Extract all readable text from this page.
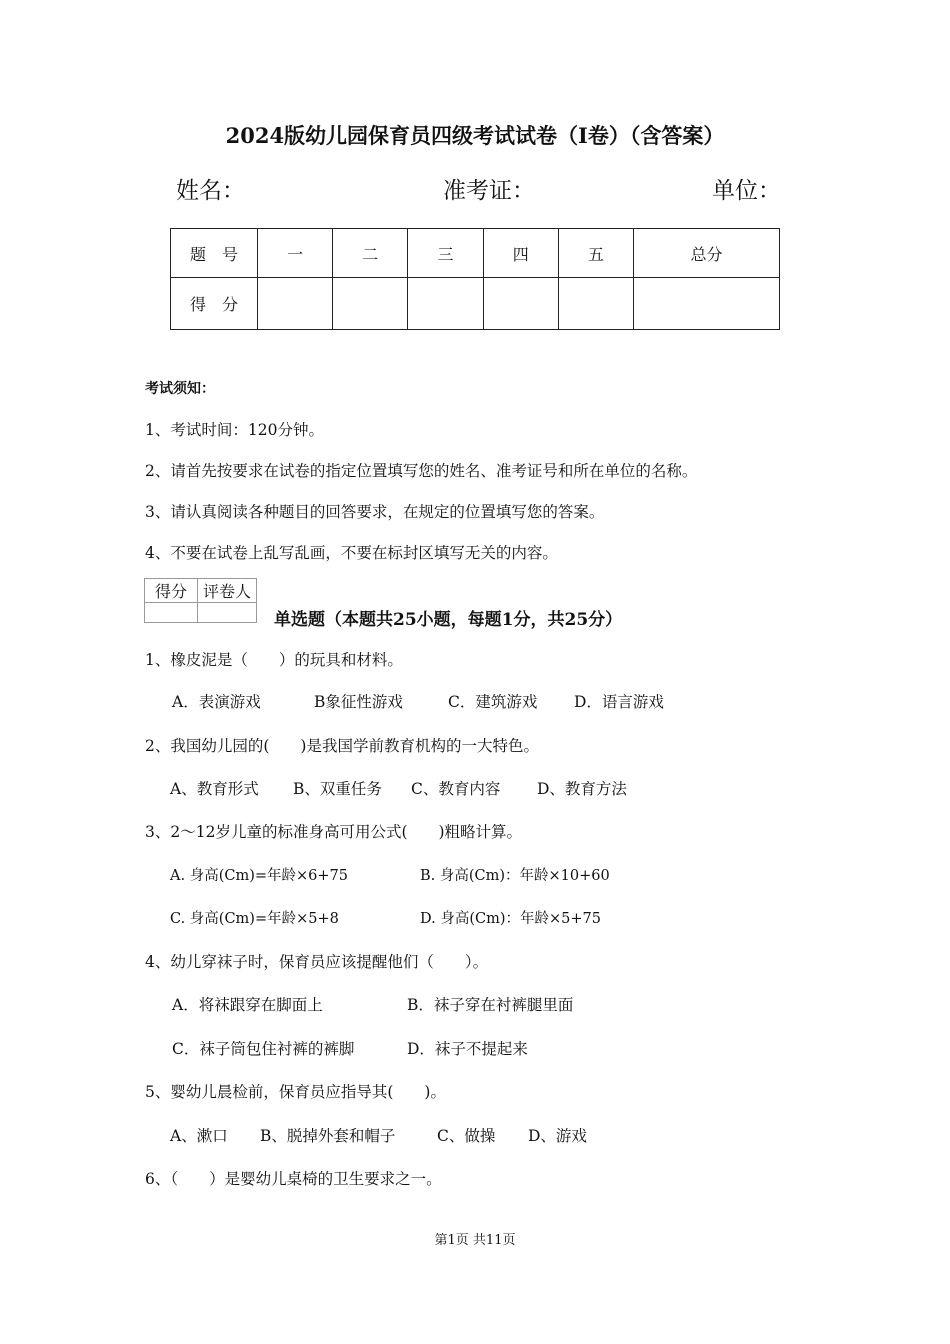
2024版幼儿园保育员四级考试试卷（I卷）（含答案）
姓名：	准考证：	单位：
题　号	一	二	三	四	五	总分
得　分						
考试须知：
1、考试时间：120分钟。
2、请首先按要求在试卷的指定位置填写您的姓名、准考证号和所在单位的名称。
3、请认真阅读各种题目的回答要求，在规定的位置填写您的答案。
4、不要在试卷上乱写乱画，不要在标封区填写无关的内容。
得分	评卷人

单选题（本题共25小题，每题1分，共25分）
1、橡皮泥是（　　）的玩具和材料。
A．表演游戏	B象征性游戏	C．建筑游戏 D．语言游戏
2、我国幼儿园的(　　)是我国学前教育机构的一大特色。
A、教育形式 B、双重任务 C、教育内容 D、教育方法
3、2～12岁儿童的标准身高可用公式(　　)粗略计算。
A. 身高(Cm)=年龄×6+75	B. 身高(Cm)：年龄×10+60
C. 身高(Cm)=年龄×5+8	D. 身高(Cm)：年龄×5+75
4、幼儿穿袜子时，保育员应该提醒他们（　　）。
A．将袜跟穿在脚面上	B．袜子穿在衬裤腿里面
C．袜子筒包住衬裤的裤脚	D．袜子不提起来
5、婴幼儿晨检前，保育员应指导其(　　)。
A、漱口 B、脱掉外套和帽子	C、做操 D、游戏
6、（　　）是婴幼儿桌椅的卫生要求之一。
第1页 共11页
